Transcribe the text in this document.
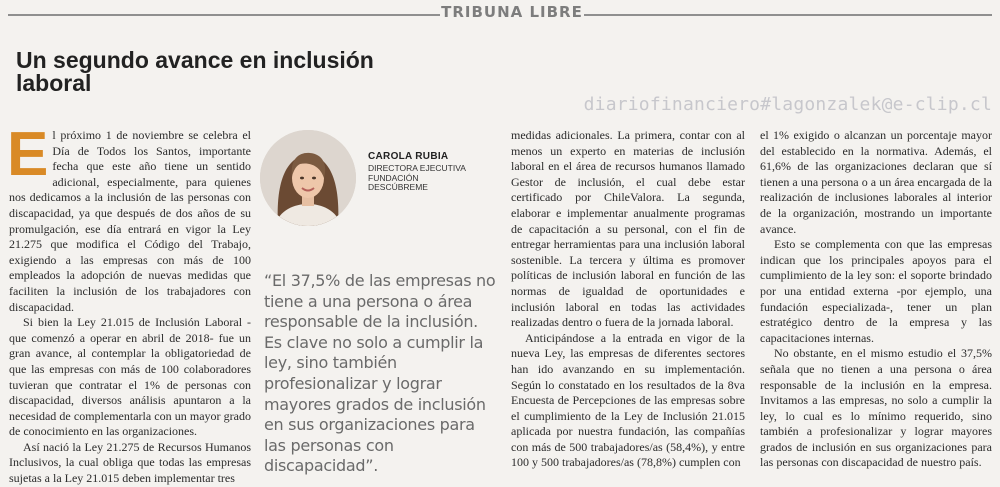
TRIBUNA LIBRE
Un segundo avance en inclusión laboral
diariofinanciero#lagonzalek@e-clip.cl

El próximo 1 de noviembre se celebra el Día de Todos los Santos, importante fecha que este año tiene un sentido adicional, especialmente, para quienes nos dedicamos a la inclusión de las personas con discapacidad, ya que después de dos años de su promulgación, ese día entrará en vigor la Ley 21.275 que modifica el Código del Trabajo, exigiendo a las empresas con más de 100 empleados la adopción de nuevas medidas que faciliten la inclusión de los trabajadores con discapacidad.

Si bien la Ley 21.015 de Inclusión Laboral -que comenzó a operar en abril de 2018- fue un gran avance, al contemplar la obligatoriedad de que las empresas con más de 100 colaboradores tuvieran que contratar el 1% de personas con discapacidad, diversos análisis apuntaron a la necesidad de complementarla con un mayor grado de conocimiento en las organizaciones.

Así nació la Ley 21.275 de Recursos Humanos Inclusivos, la cual obliga que todas las empresas sujetas a la Ley 21.015 deben implementar tres

CAROLA RUBIA
DIRECTORA EJECUTIVA
FUNDACIÓN
DESCÚBREME
“El 37,5% de las empresas no tiene a una persona o área responsable de la inclusión. Es clave no solo a cumplir la ley, sino también profesionalizar y lograr mayores grados de inclusión en sus organizaciones para las personas con discapacidad”.

medidas adicionales. La primera, contar con al menos un experto en materias de inclusión laboral en el área de recursos humanos llamado Gestor de inclusión, el cual debe estar certificado por ChileValora. La segunda, elaborar e implementar anualmente programas de capacitación a su personal, con el fin de entregar herramientas para una inclusión laboral sostenible. La tercera y última es promover políticas de inclusión laboral en función de las normas de igualdad de oportunidades e inclusión laboral en todas las actividades realizadas dentro o fuera de la jornada laboral.

Anticipándose a la entrada en vigor de la nueva Ley, las empresas de diferentes sectores han ido avanzando en su implementación. Según lo constatado en los resultados de la 8va Encuesta de Percepciones de las empresas sobre el cumplimiento de la Ley de Inclusión 21.015 aplicada por nuestra fundación, las compañías con más de 500 trabajadores/as (58,4%), y entre 100 y 500 trabajadores/as (78,8%) cumplen con

el 1% exigido o alcanzan un porcentaje mayor del establecido en la normativa. Además, el 61,6% de las organizaciones declaran que sí tienen a una persona o a un área encargada de la realización de inclusiones laborales al interior de la organización, mostrando un importante avance.

Esto se complementa con que las empresas indican que los principales apoyos para el cumplimiento de la ley son: el soporte brindado por una entidad externa -por ejemplo, una fundación especializada-, tener un plan estratégico dentro de la empresa y las capacitaciones internas.

No obstante, en el mismo estudio el 37,5% señala que no tienen a una persona o área responsable de la inclusión en la empresa. Invitamos a las empresas, no solo a cumplir la ley, lo cual es lo mínimo requerido, sino también a profesionalizar y lograr mayores grados de inclusión en sus organizaciones para las personas con discapacidad de nuestro país.
